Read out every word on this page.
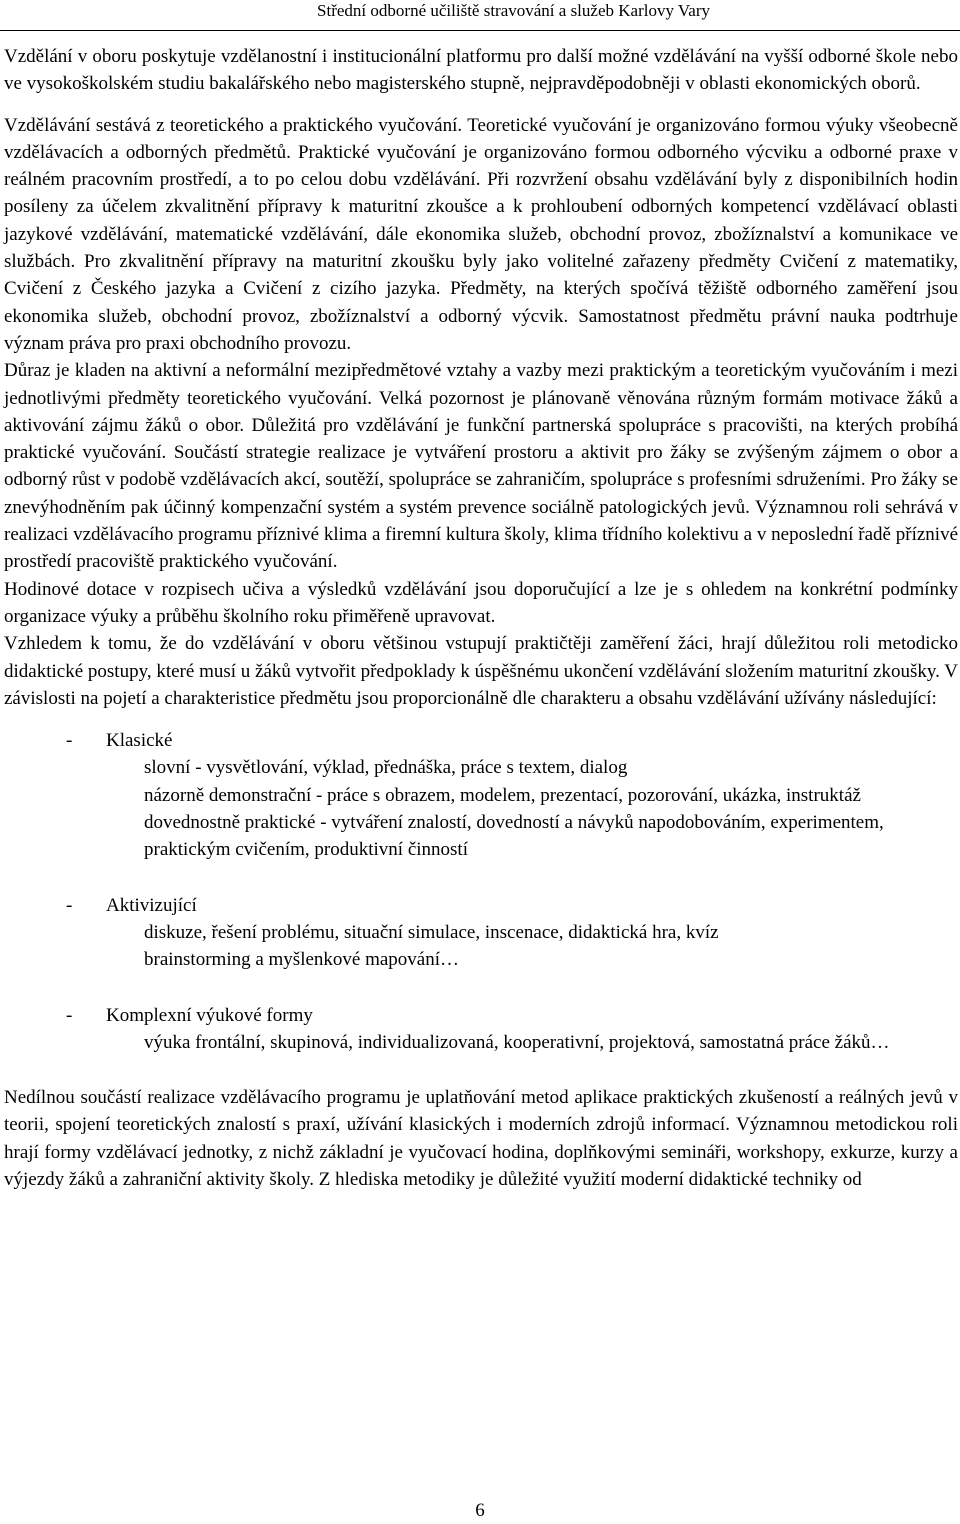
Střední odborné učiliště stravování a služeb Karlovy Vary

Vzdělání v oboru poskytuje vzdělanostní i institucionální platformu pro další možné vzdělávání na vyšší odborné škole nebo ve vysokoškolském studiu bakalářského nebo magisterského stupně, nejpravděpodobněji v oblasti ekonomických oborů.

Vzdělávání sestává z teoretického a praktického vyučování. Teoretické vyučování je organizováno formou výuky všeobecně vzdělávacích a odborných předmětů. Praktické vyučování je organizováno formou odborného výcviku a odborné praxe v reálném pracovním prostředí, a to po celou dobu vzdělávání. Při rozvržení obsahu vzdělávání byly z disponibilních hodin posíleny za účelem zkvalitnění přípravy k maturitní zkoušce a k prohloubení odborných kompetencí vzdělávací oblasti jazykové vzdělávání, matematické vzdělávání, dále ekonomika služeb, obchodní provoz, zbožíznalství a komunikace ve službách. Pro zkvalitnění přípravy na maturitní zkoušku byly jako volitelné zařazeny předměty Cvičení z matematiky, Cvičení z Českého jazyka a Cvičení z cizího jazyka. Předměty, na kterých spočívá těžiště odborného zaměření jsou ekonomika služeb, obchodní provoz, zbožíznalství a odborný výcvik. Samostatnost předmětu právní nauka podtrhuje význam práva pro praxi obchodního provozu.

Důraz je kladen na aktivní a neformální mezipředmětové vztahy a vazby mezi praktickým a teoretickým vyučováním i mezi jednotlivými předměty teoretického vyučování. Velká pozornost je plánovaně věnována různým formám motivace žáků a aktivování zájmu žáků o obor. Důležitá pro vzdělávání je funkční partnerská spolupráce s pracovišti, na kterých probíhá praktické vyučování. Součástí strategie realizace je vytváření prostoru a aktivit pro žáky se zvýšeným zájmem o obor a odborný růst v podobě vzdělávacích akcí, soutěží, spolupráce se zahraničím, spolupráce s profesními sdruženími. Pro žáky se znevýhodněním pak účinný kompenzační systém a systém prevence sociálně patologických jevů. Významnou roli sehrává v realizaci vzdělávacího programu příznivé klima a firemní kultura školy, klima třídního kolektivu a v neposlední řadě příznivé prostředí pracoviště praktického vyučování.

Hodinové dotace v rozpisech učiva a výsledků vzdělávání jsou doporučující a lze je s ohledem na konkrétní podmínky organizace výuky a průběhu školního roku přiměřeně upravovat.

Vzhledem k tomu, že do vzdělávání v oboru většinou vstupují praktičtěji zaměření žáci, hrají důležitou roli metodicko didaktické postupy, které musí u žáků vytvořit předpoklady k úspěšnému ukončení vzdělávání složením maturitní zkoušky. V závislosti na pojetí a charakteristice předmětu jsou proporcionálně dle charakteru a obsahu vzdělávání užívány následující:

- Klasické
slovní - vysvětlování, výklad, přednáška, práce s textem, dialog
názorně demonstrační - práce s obrazem, modelem, prezentací, pozorování, ukázka, instruktáž
dovednostně praktické - vytváření znalostí, dovedností a návyků napodobováním, experimentem, praktickým cvičením, produktivní činností
- Aktivizující
diskuze, řešení problému, situační simulace, inscenace, didaktická hra, kvíz
brainstorming a myšlenkové mapování…
- Komplexní výukové formy
výuka frontální, skupinová, individualizovaná, kooperativní, projektová, samostatná práce žáků…

Nedílnou součástí realizace vzdělávacího programu je uplatňování metod aplikace praktických zkušeností a reálných jevů v teorii, spojení teoretických znalostí s praxí, užívání klasických i moderních zdrojů informací. Významnou metodickou roli hrají formy vzdělávací jednotky, z nichž základní je vyučovací hodina, doplňkovými semináři, workshopy, exkurze, kurzy a výjezdy žáků a zahraniční aktivity školy. Z hlediska metodiky je důležité využití moderní didaktické techniky od

6
